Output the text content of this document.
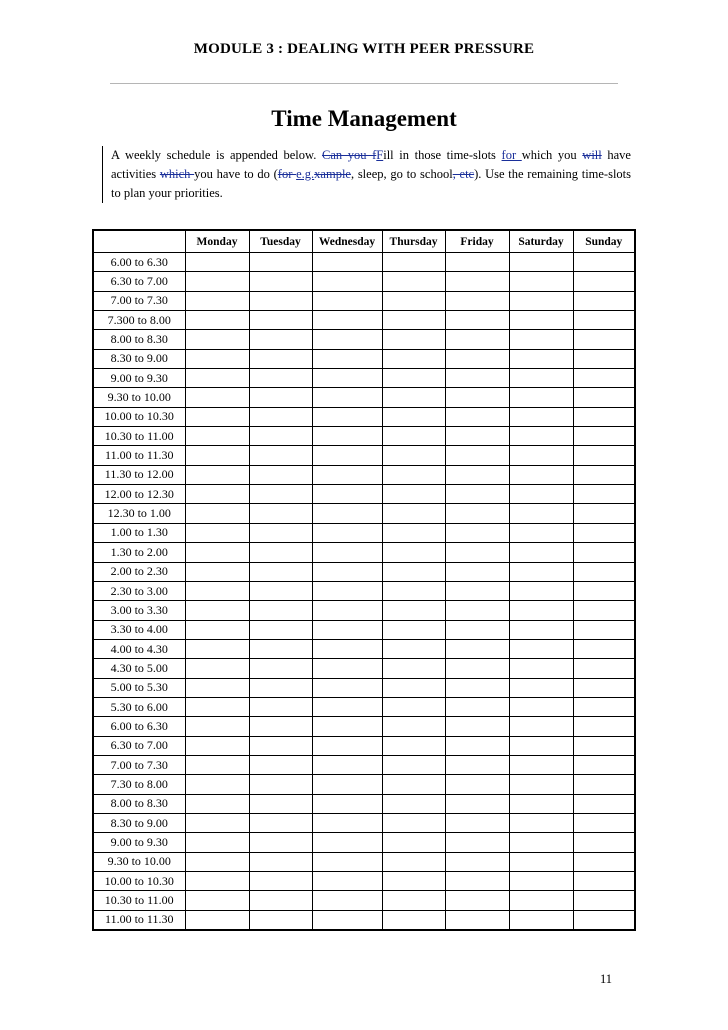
MODULE 3 : DEALING WITH PEER PRESSURE
Time Management
A weekly schedule is appended below. Can you fFill in those time-slots for which you will have activities which you have to do (for e.g.xample, sleep, go to school, etc). Use the remaining time-slots to plan your priorities.
	Monday	Tuesday	Wednesday	Thursday	Friday	Saturday	Sunday
6.00 to 6.30							
6.30 to 7.00							
7.00 to 7.30							
7.300 to 8.00							
8.00 to 8.30							
8.30 to 9.00							
9.00 to 9.30							
9.30 to 10.00							
10.00 to 10.30							
10.30 to 11.00							
11.00 to 11.30							
11.30 to 12.00							
12.00 to 12.30							
12.30 to 1.00							
1.00 to 1.30							
1.30 to 2.00							
2.00 to 2.30							
2.30 to 3.00							
3.00 to 3.30							
3.30 to 4.00							
4.00 to 4.30							
4.30 to 5.00							
5.00 to 5.30							
5.30 to 6.00							
6.00 to 6.30							
6.30 to 7.00							
7.00 to 7.30							
7.30 to 8.00							
8.00 to 8.30							
8.30 to 9.00							
9.00 to 9.30							
9.30 to 10.00							
10.00 to 10.30							
10.30 to 11.00							
11.00 to 11.30							
11
